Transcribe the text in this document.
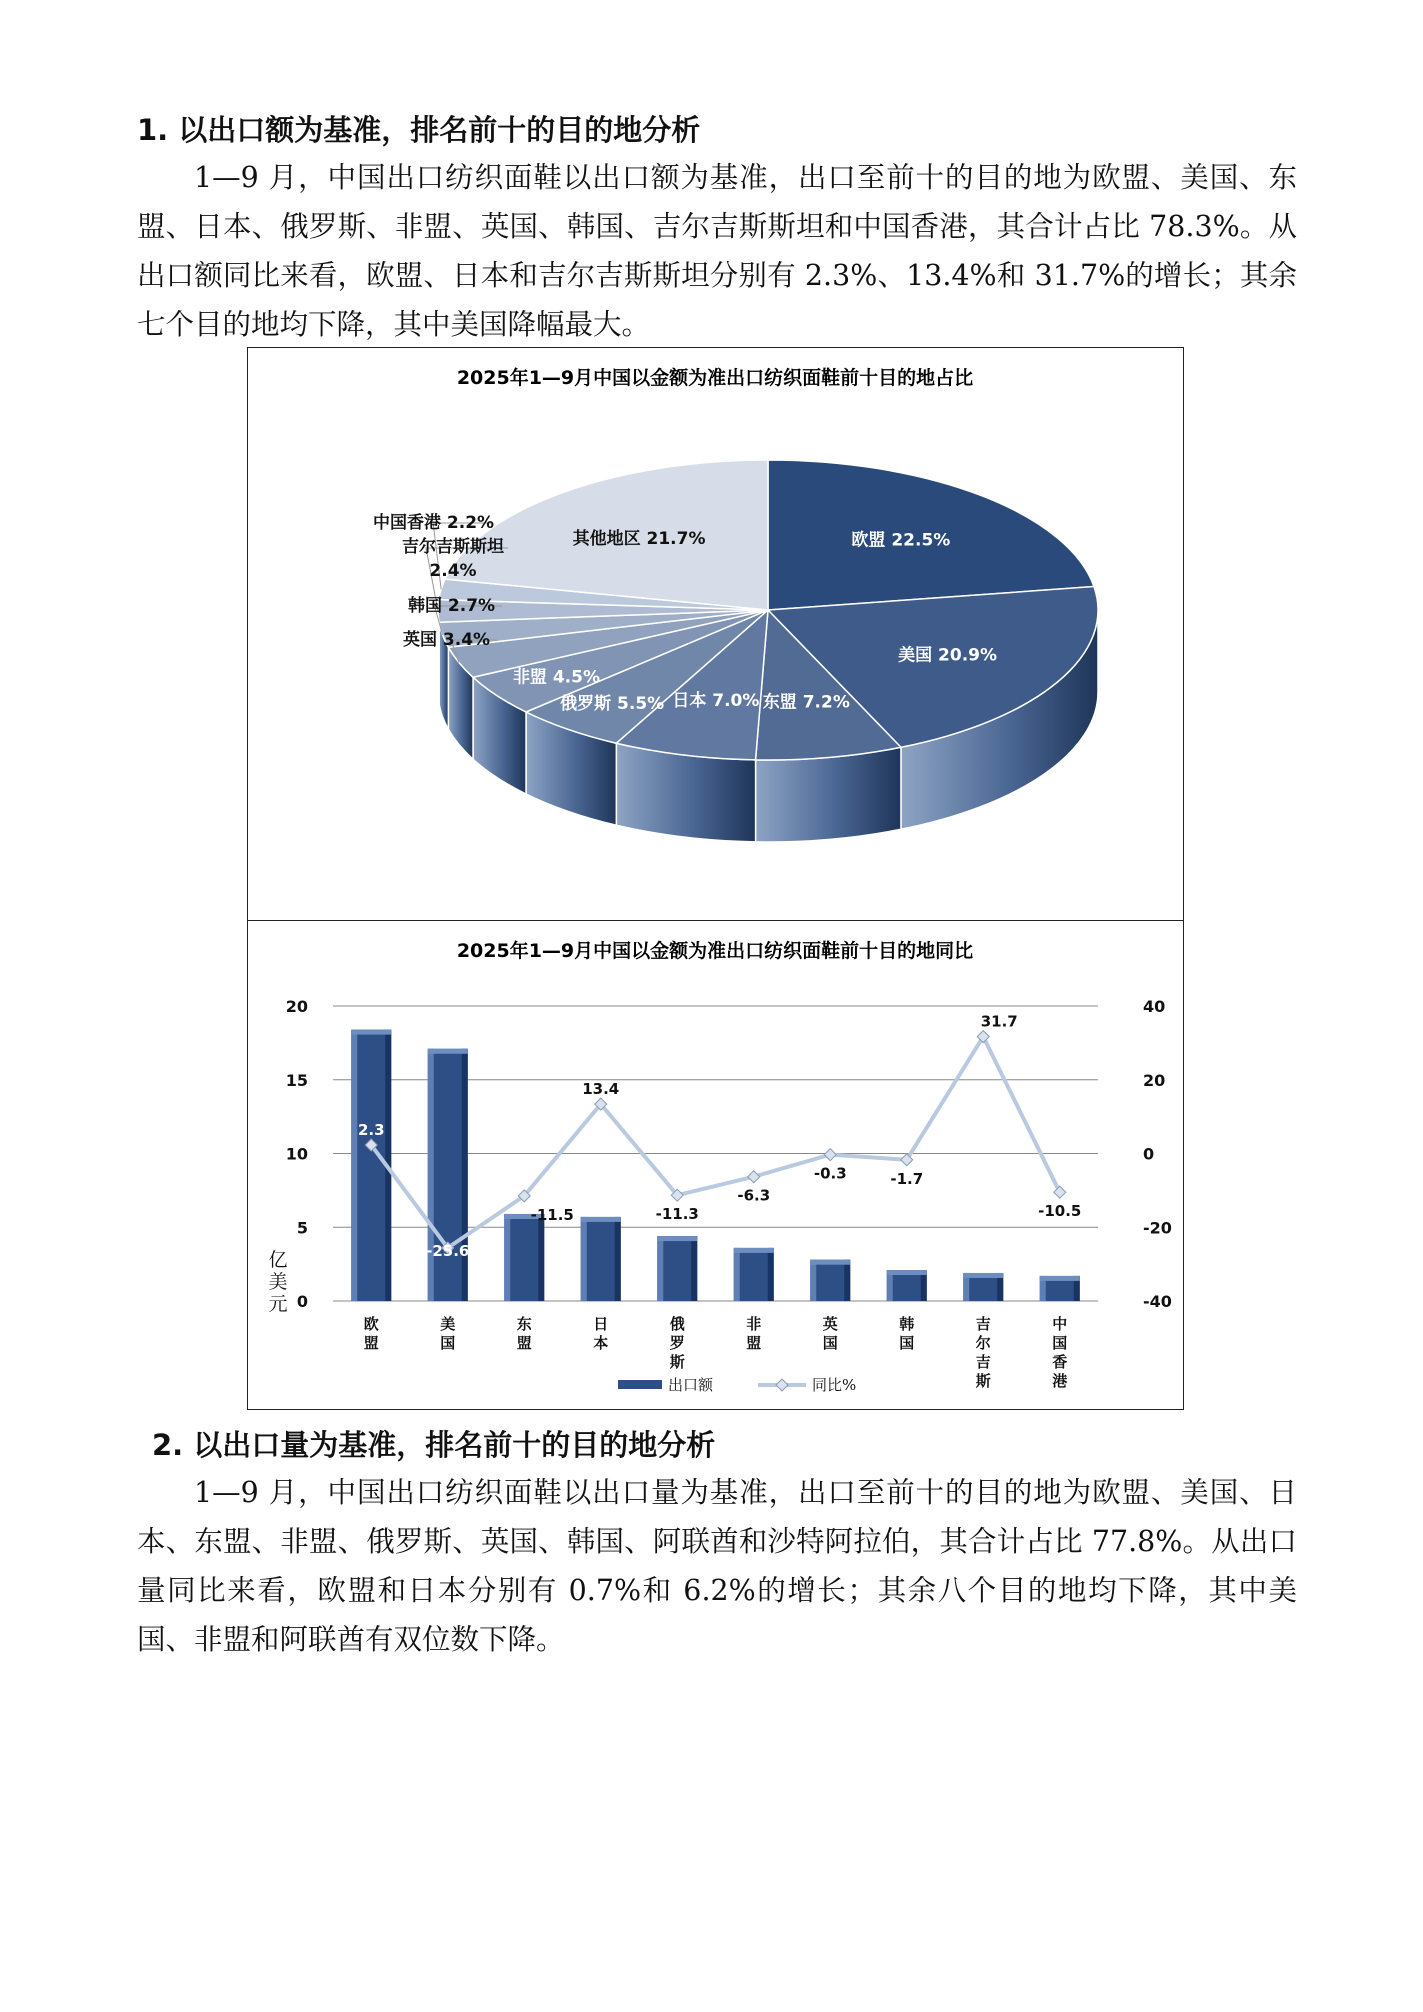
1. 以出口额为基准，排名前十的目的地分析

1—9 月，中国出口纺织面鞋以出口额为基准，出口至前十的目的地为欧盟、美国、东盟、日本、俄罗斯、非盟、英国、韩国、吉尔吉斯斯坦和中国香港，其合计占比 78.3%。从出口额同比来看，欧盟、日本和吉尔吉斯斯坦分别有 2.3%、13.4%和 31.7%的增长；其余七个目的地均下降，其中美国降幅最大。

2025年1—9月中国以金额为准出口纺织面鞋前十目的地占比
欧盟 22.5%
美国 20.9%
东盟 7.2%
日本 7.0%
俄罗斯 5.5%
非盟 4.5%
英国 3.4%
韩国 2.7%
吉尔吉斯斯坦
2.4%
中国香港 2.2%
其他地区 21.7%
2025年1—9月中国以金额为准出口纺织面鞋前十目的地同比
2.3
-25.6
-11.5
13.4
-11.3
-6.3
-0.3	-1.7
31.7
-10.5
0
5
10
15
20
-40
-20
0
20
40
亿
美
元
欧
盟
美
国
东
盟
日
本
俄
罗
斯
非
盟
英
国
韩
国
吉
尔
吉
斯
中
国
香
港
出口额	同比%
2. 以出口量为基准，排名前十的目的地分析

1—9 月，中国出口纺织面鞋以出口量为基准，出口至前十的目的地为欧盟、美国、日本、东盟、非盟、俄罗斯、英国、韩国、阿联酋和沙特阿拉伯，其合计占比 77.8%。从出口量同比来看，欧盟和日本分别有 0.7%和 6.2%的增长；其余八个目的地均下降，其中美国、非盟和阿联酋有双位数下降。
